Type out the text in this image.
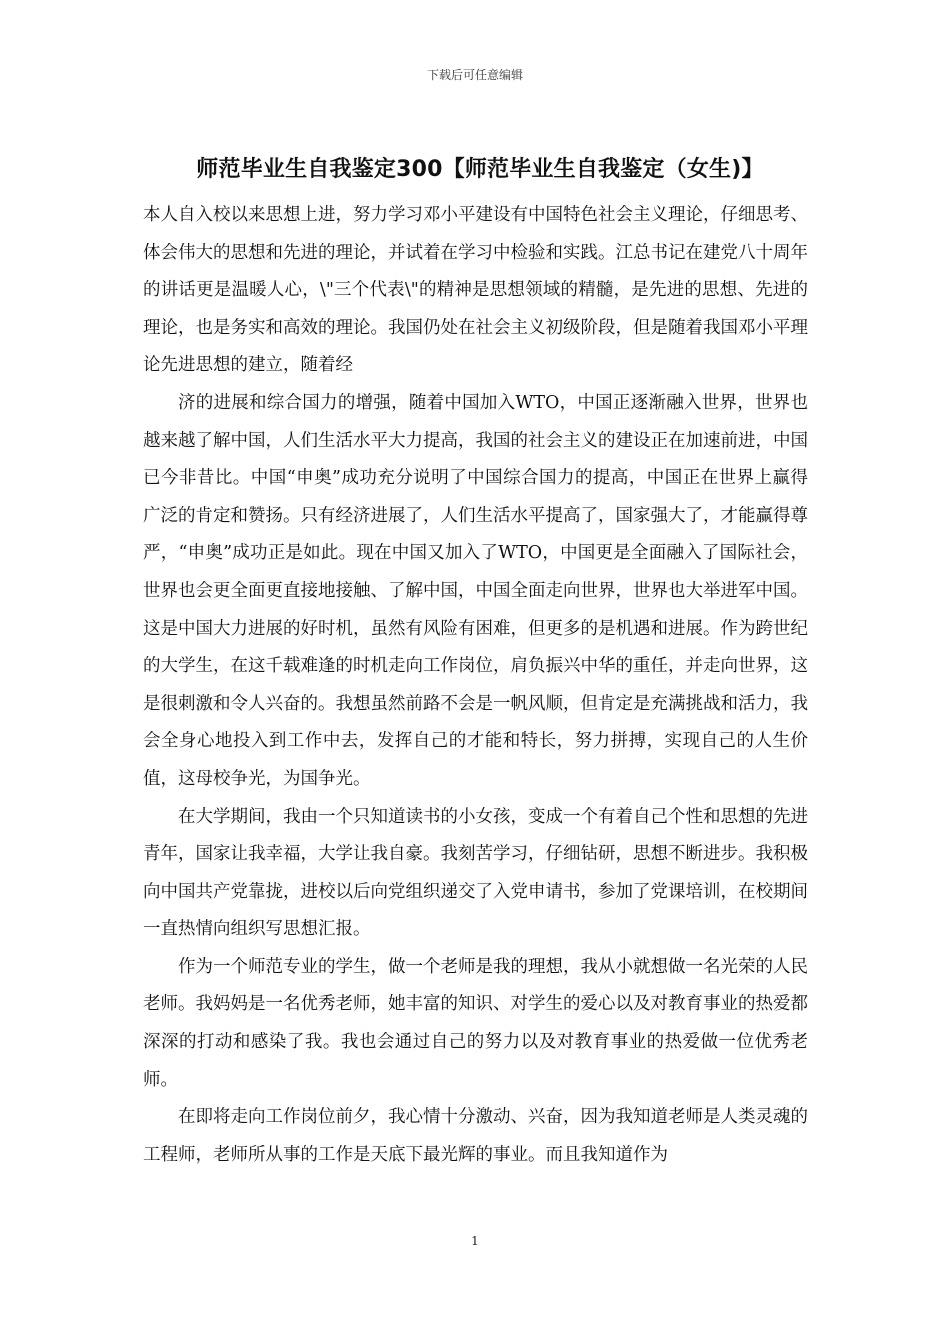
下载后可任意编辑
师范毕业生自我鉴定300【师范毕业生自我鉴定（女生)】

本人自入校以来思想上进，努力学习邓小平建设有中国特色社会主义理论，仔细思考、体会伟大的思想和先进的理论，并试着在学习中检验和实践。江总书记在建党八十周年的讲话更是温暖人心，\"三个代表\"的精神是思想领域的精髓，是先进的思想、先进的理论，也是务实和高效的理论。我国仍处在社会主义初级阶段，但是随着我国邓小平理论先进思想的建立，随着经

济的进展和综合国力的增强，随着中国加入WTO，中国正逐渐融入世界，世界也越来越了解中国，人们生活水平大力提高，我国的社会主义的建设正在加速前进，中国已今非昔比。中国“申奥”成功充分说明了中国综合国力的提高，中国正在世界上赢得广泛的肯定和赞扬。只有经济进展了，人们生活水平提高了，国家强大了，才能赢得尊严，“申奥”成功正是如此。现在中国又加入了WTO，中国更是全面融入了国际社会，世界也会更全面更直接地接触、了解中国，中国全面走向世界，世界也大举进军中国。这是中国大力进展的好时机，虽然有风险有困难，但更多的是机遇和进展。作为跨世纪的大学生，在这千载难逢的时机走向工作岗位，肩负振兴中华的重任，并走向世界，这是很刺激和令人兴奋的。我想虽然前路不会是一帆风顺，但肯定是充满挑战和活力，我会全身心地投入到工作中去，发挥自己的才能和特长，努力拼搏，实现自己的人生价值，这母校争光，为国争光。

在大学期间，我由一个只知道读书的小女孩，变成一个有着自己个性和思想的先进青年，国家让我幸福，大学让我自豪。我刻苦学习，仔细钻研，思想不断进步。我积极向中国共产党靠拢，进校以后向党组织递交了入党申请书，参加了党课培训，在校期间一直热情向组织写思想汇报。

作为一个师范专业的学生，做一个老师是我的理想，我从小就想做一名光荣的人民老师。我妈妈是一名优秀老师，她丰富的知识、对学生的爱心以及对教育事业的热爱都深深的打动和感染了我。我也会通过自己的努力以及对教育事业的热爱做一位优秀老师。

在即将走向工作岗位前夕，我心情十分激动、兴奋，因为我知道老师是人类灵魂的工程师，老师所从事的工作是天底下最光辉的事业。而且我知道作为

1
